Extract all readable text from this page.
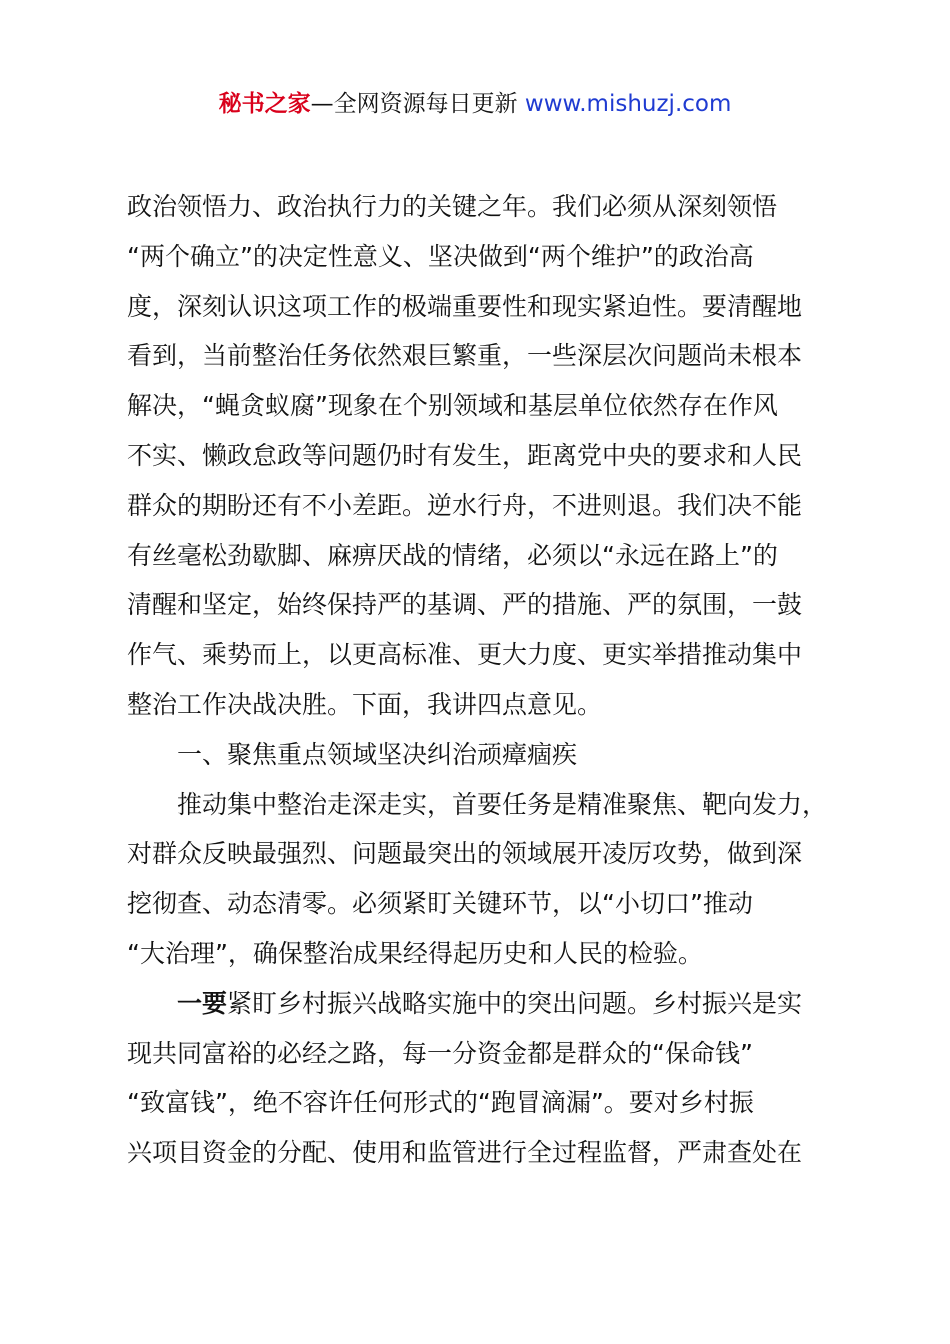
秘书之家—全网资源每日更新 www.mishuzj.com
政治领悟力、政治执行力的关键之年。我们必须从深刻领悟
“两个确立”的决定性意义、坚决做到“两个维护”的政治高
度，深刻认识这项工作的极端重要性和现实紧迫性。要清醒地
看到，当前整治任务依然艰巨繁重，一些深层次问题尚未根本
解决，“蝇贪蚁腐”现象在个别领域和基层单位依然存在作风
不实、懒政怠政等问题仍时有发生，距离党中央的要求和人民
群众的期盼还有不小差距。逆水行舟，不进则退。我们决不能
有丝毫松劲歇脚、麻痹厌战的情绪，必须以“永远在路上”的
清醒和坚定，始终保持严的基调、严的措施、严的氛围，一鼓
作气、乘势而上，以更高标准、更大力度、更实举措推动集中
整治工作决战决胜。下面，我讲四点意见。
一、聚焦重点领域坚决纠治顽瘴痼疾
推动集中整治走深走实，首要任务是精准聚焦、靶向发力，
对群众反映最强烈、问题最突出的领域展开凌厉攻势，做到深
挖彻查、动态清零。必须紧盯关键环节，以“小切口”推动
“大治理”，确保整治成果经得起历史和人民的检验。
一要紧盯乡村振兴战略实施中的突出问题。乡村振兴是实
现共同富裕的必经之路，每一分资金都是群众的“保命钱”
“致富钱”，绝不容许任何形式的“跑冒滴漏”。要对乡村振
兴项目资金的分配、使用和监管进行全过程监督，严肃查处在
